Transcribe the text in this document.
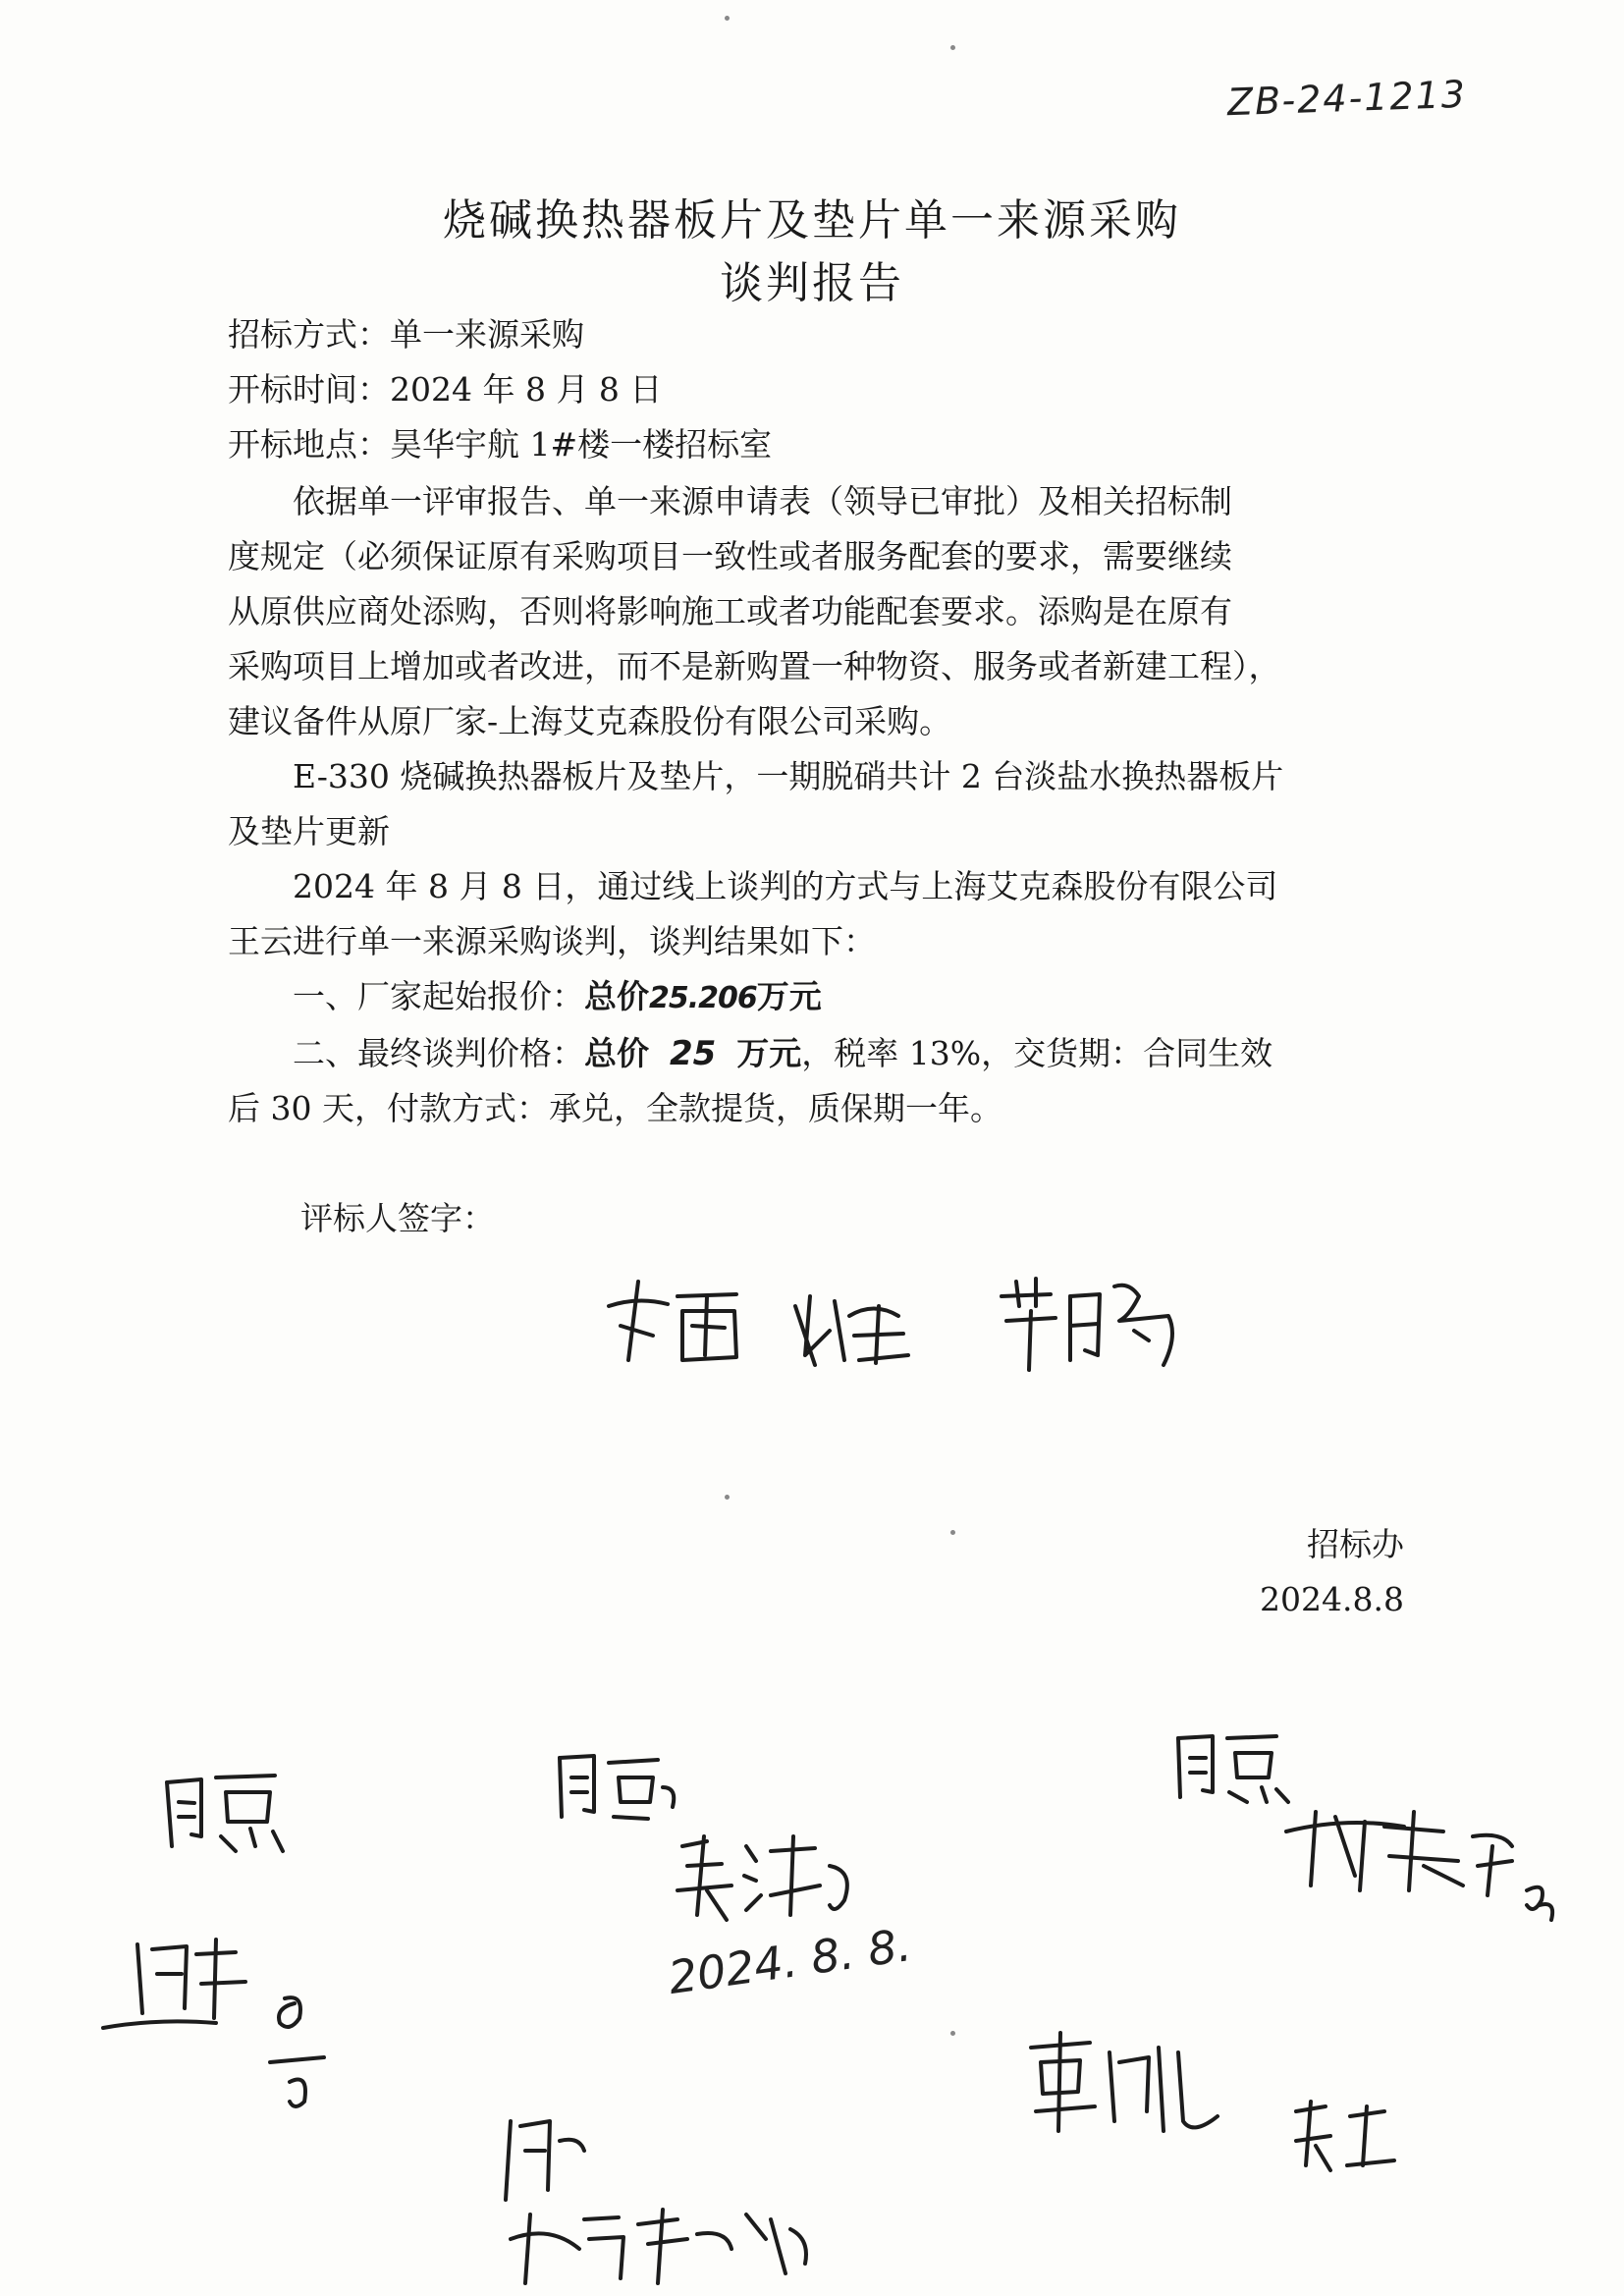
ZB-24-1213
烧碱换热器板片及垫片单一来源采购
谈判报告
招标方式：单一来源采购
开标时间：2024 年 8 月 8 日
开标地点：昊华宇航 1#楼一楼招标室
依据单一评审报告、单一来源申请表（领导已审批）及相关招标制
度规定（必须保证原有采购项目一致性或者服务配套的要求，需要继续
从原供应商处添购，否则将影响施工或者功能配套要求。添购是在原有
采购项目上增加或者改进，而不是新购置一种物资、服务或者新建工程），
建议备件从原厂家-上海艾克森股份有限公司采购。
E-330 烧碱换热器板片及垫片，一期脱硝共计 2 台淡盐水换热器板片
及垫片更新
2024 年 8 月 8 日，通过线上谈判的方式与上海艾克森股份有限公司
王云进行单一来源采购谈判，谈判结果如下：
一、厂家起始报价：总价25.206万元
二、最终谈判价格：总价 25 万元，税率 13%，交货期：合同生效
后 30 天，付款方式：承兑，全款提货，质保期一年。
评标人签字：
招标办
2024.8.8
2024. 8. 8.
